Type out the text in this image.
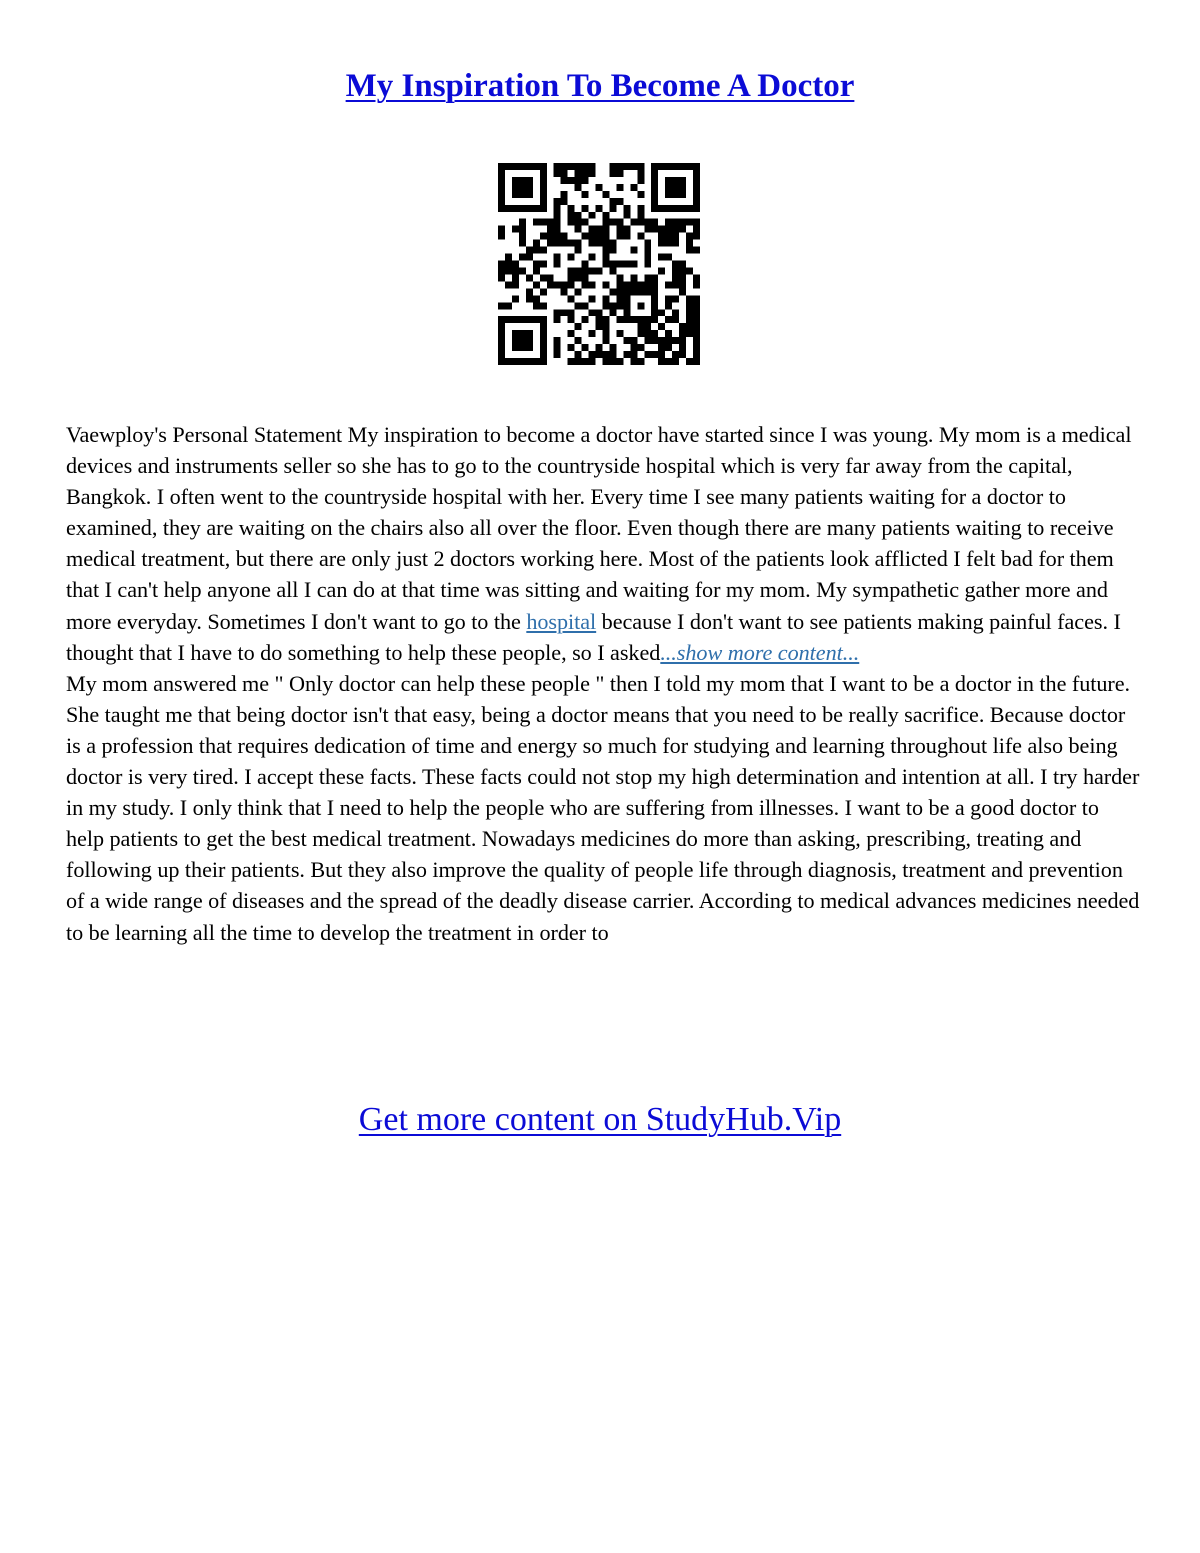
My Inspiration To Become A Doctor

Vaewploy's Personal Statement My inspiration to become a doctor have started since I was young. My mom is a medical devices and instruments seller so she has to go to the countryside hospital which is very far away from the capital, Bangkok. I often went to the countryside hospital with her. Every time I see many patients waiting for a doctor to examined, they are waiting on the chairs also all over the floor. Even though there are many patients waiting to receive medical treatment, but there are only just 2 doctors working here. Most of the patients look afflicted I felt bad for them that I can't help anyone all I can do at that time was sitting and waiting for my mom. My sympathetic gather more and more everyday. Sometimes I don't want to go to the hospital because I don't want to see patients making painful faces. I thought that I have to do something to help these people, so I asked...show more content...

My mom answered me " Only doctor can help these people " then I told my mom that I want to be a doctor in the future. She taught me that being doctor isn't that easy, being a doctor means that you need to be really sacrifice. Because doctor is a profession that requires dedication of time and energy so much for studying and learning throughout life also being doctor is very tired. I accept these facts. These facts could not stop my high determination and intention at all. I try harder in my study. I only think that I need to help the people who are suffering from illnesses. I want to be a good doctor to help patients to get the best medical treatment. Nowadays medicines do more than asking, prescribing, treating and following up their patients. But they also improve the quality of people life through diagnosis, treatment and prevention of a wide range of diseases and the spread of the deadly disease carrier. According to medical advances medicines needed to be learning all the time to develop the treatment in order to

Get more content on StudyHub.Vip
